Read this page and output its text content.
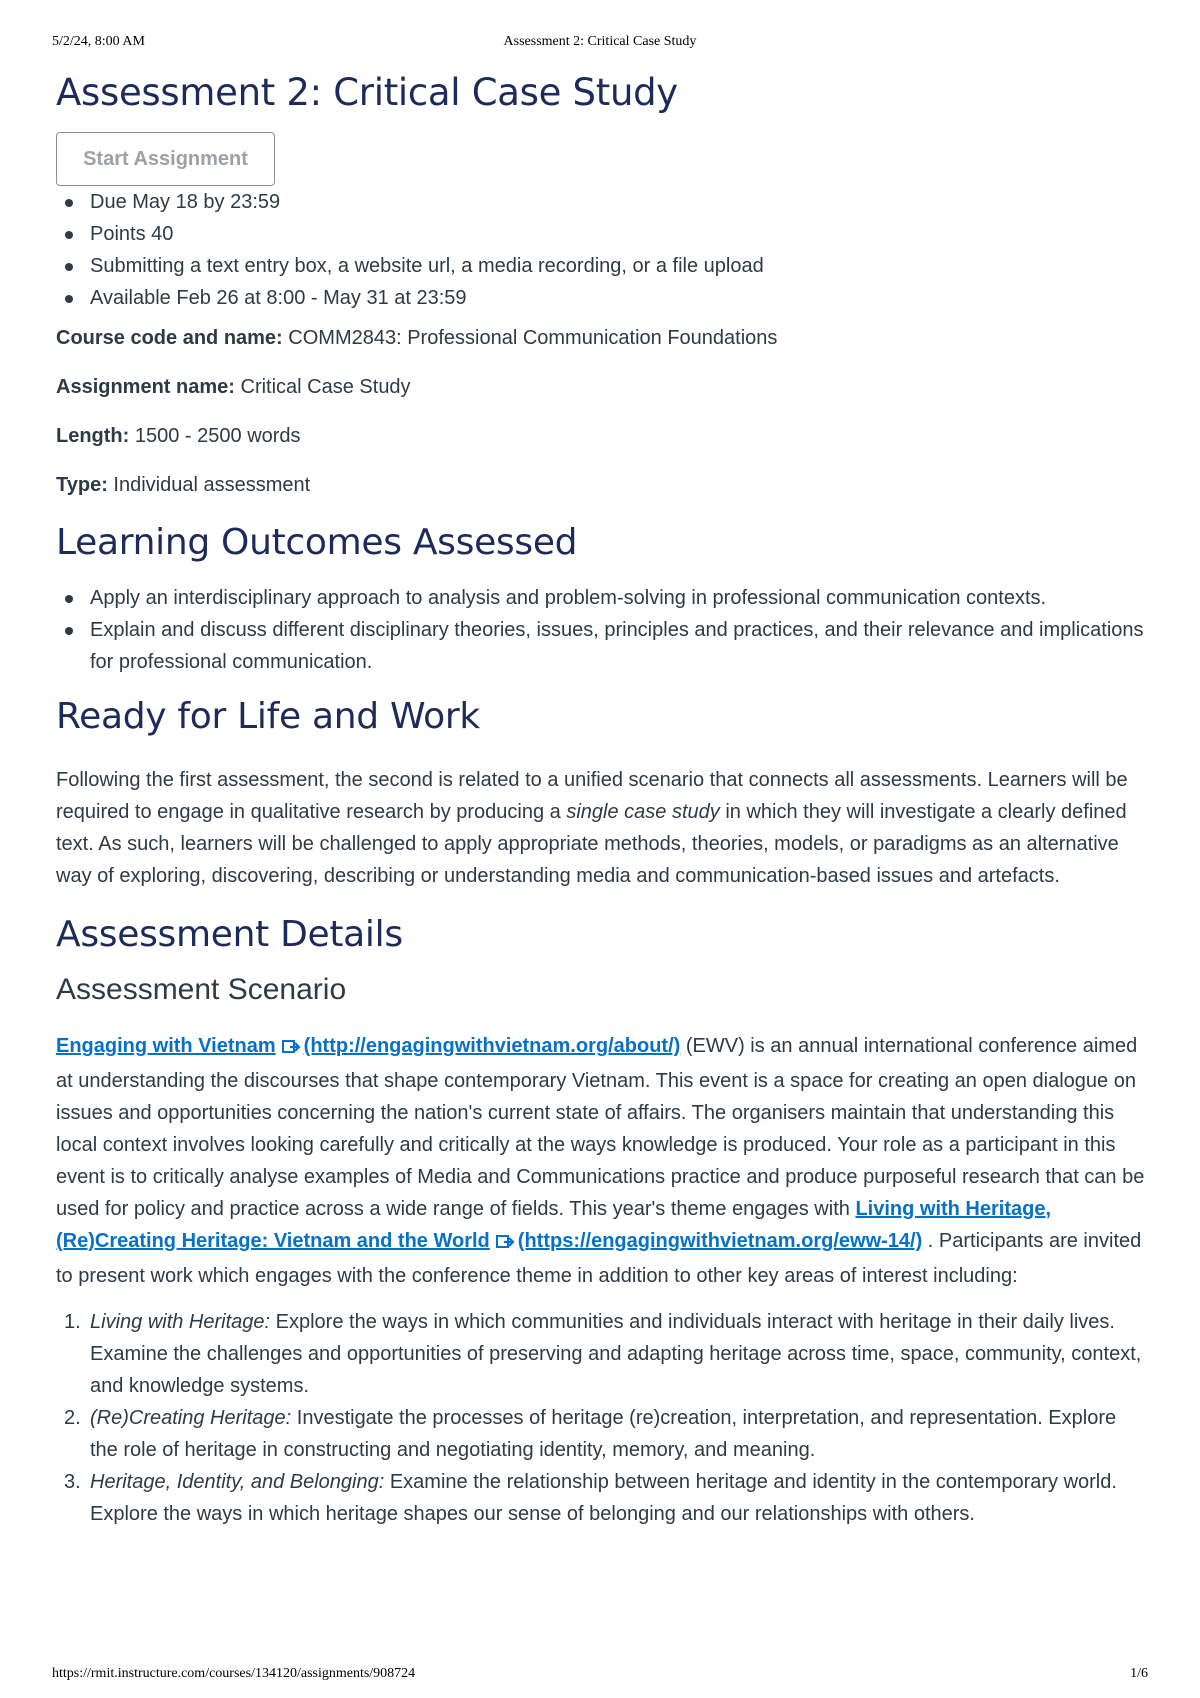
5/2/24, 8:00 AM	Assessment 2: Critical Case Study
Assessment 2: Critical Case Study
Start Assignment
Due May 18 by 23:59
Points 40
Submitting a text entry box, a website url, a media recording, or a file upload
Available Feb 26 at 8:00 - May 31 at 23:59

Course code and name: COMM2843: Professional Communication Foundations

Assignment name: Critical Case Study

Length: 1500 - 2500 words

Type: Individual assessment

Learning Outcomes Assessed
Apply an interdisciplinary approach to analysis and problem-solving in professional communication contexts.
Explain and discuss different disciplinary theories, issues, principles and practices, and their relevance and implications for professional communication.
Ready for Life and Work

Following the first assessment, the second is related to a unified scenario that connects all assessments. Learners will be required to engage in qualitative research by producing a single case study in which they will investigate a clearly defined text. As such, learners will be challenged to apply appropriate methods, theories, models, or paradigms as an alternative way of exploring, discovering, describing or understanding media and communication-based issues and artefacts.

Assessment Details
Assessment Scenario

Engaging with Vietnam (http://engagingwithvietnam.org/about/) (EWV) is an annual international conference aimed at understanding the discourses that shape contemporary Vietnam. This event is a space for creating an open dialogue on issues and opportunities concerning the nation's current state of affairs. The organisers maintain that understanding this local context involves looking carefully and critically at the ways knowledge is produced. Your role as a participant in this event is to critically analyse examples of Media and Communications practice and produce purposeful research that can be used for policy and practice across a wide range of fields. This year's theme engages with Living with Heritage, (Re)Creating Heritage: Vietnam and the World (https://engagingwithvietnam.org/eww-14/) . Participants are invited to present work which engages with the conference theme in addition to other key areas of interest including:

1. Living with Heritage: Explore the ways in which communities and individuals interact with heritage in their daily lives. Examine the challenges and opportunities of preserving and adapting heritage across time, space, community, context, and knowledge systems.
2. (Re)Creating Heritage: Investigate the processes of heritage (re)creation, interpretation, and representation. Explore the role of heritage in constructing and negotiating identity, memory, and meaning.
3. Heritage, Identity, and Belonging: Examine the relationship between heritage and identity in the contemporary world. Explore the ways in which heritage shapes our sense of belonging and our relationships with others.
https://rmit.instructure.com/courses/134120/assignments/908724	1/6
